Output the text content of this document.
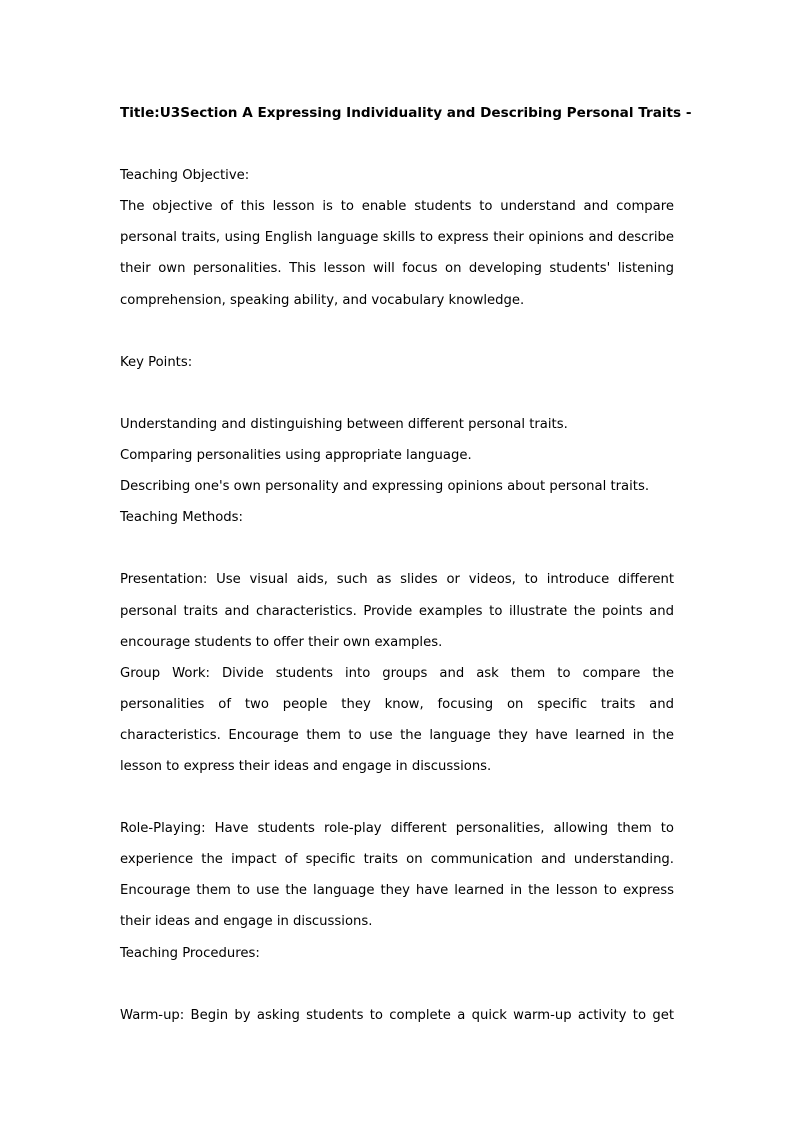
Title:U3Section A Expressing Individuality and Describing Personal Traits -
Teaching Objective:
The objective of this lesson is to enable students to understand and compare personal traits, using English language skills to express their opinions and describe their own personalities. This lesson will focus on developing students' listening comprehension, speaking ability, and vocabulary knowledge.
Key Points:
Understanding and distinguishing between different personal traits.
Comparing personalities using appropriate language.
Describing one's own personality and expressing opinions about personal traits.
Teaching Methods:
Presentation: Use visual aids, such as slides or videos, to introduce different personal traits and characteristics. Provide examples to illustrate the points and encourage students to offer their own examples.
Group Work: Divide students into groups and ask them to compare the personalities of two people they know, focusing on specific traits and characteristics. Encourage them to use the language they have learned in the lesson to express their ideas and engage in discussions.
Role-Playing: Have students role-play different personalities, allowing them to experience the impact of specific traits on communication and understanding. Encourage them to use the language they have learned in the lesson to express their ideas and engage in discussions.
Teaching Procedures:
Warm-up: Begin by asking students to complete a quick warm-up activity to get
